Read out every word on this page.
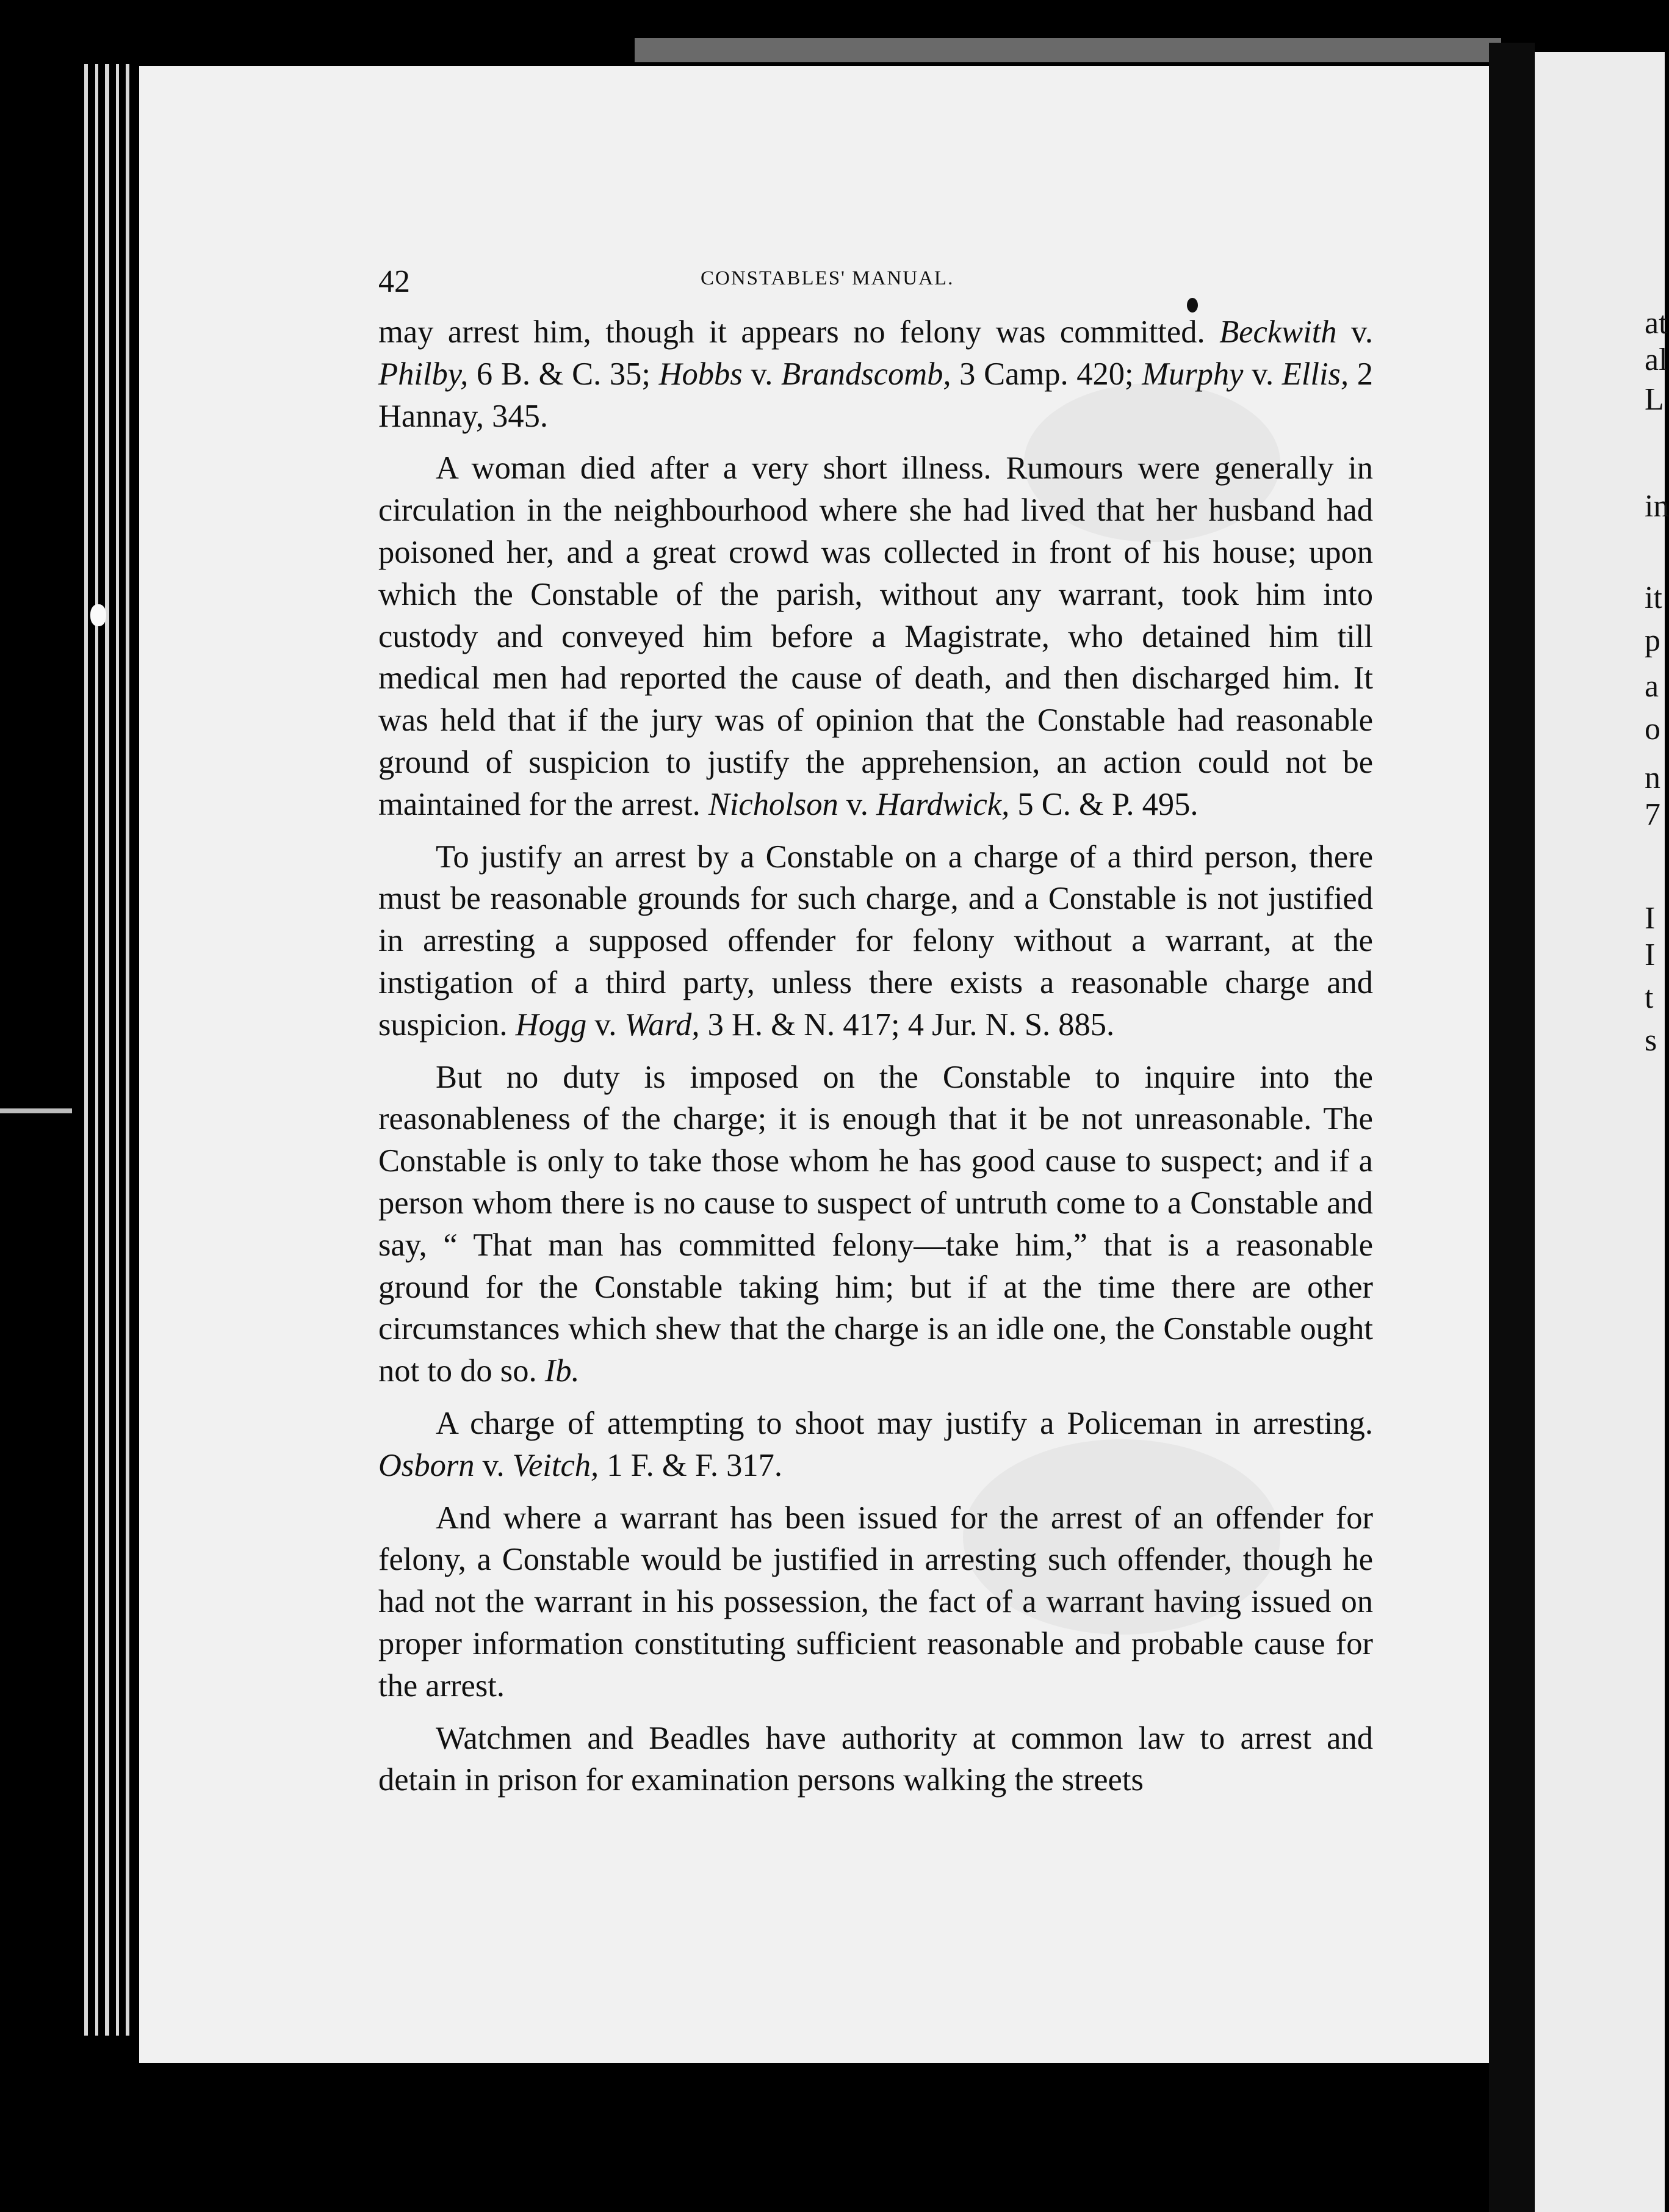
42	CONSTABLES' MANUAL.

may arrest him, though it appears no felony was committed. Beckwith v. Philby, 6 B. & C. 35; Hobbs v. Brandscomb, 3 Camp. 420; Murphy v. Ellis, 2 Hannay, 345.

A woman died after a very short illness. Rumours were generally in circulation in the neighbourhood where she had lived that her husband had poisoned her, and a great crowd was collected in front of his house; upon which the Constable of the parish, without any warrant, took him into custody and conveyed him before a Magistrate, who detained him till medical men had reported the cause of death, and then discharged him. It was held that if the jury was of opinion that the Constable had reasonable ground of suspicion to justify the apprehension, an action could not be maintained for the arrest. Nicholson v. Hardwick, 5 C. & P. 495.

To justify an arrest by a Constable on a charge of a third person, there must be reasonable grounds for such charge, and a Constable is not justified in arresting a supposed offender for felony without a warrant, at the instigation of a third party, unless there exists a reasonable charge and suspicion. Hogg v. Ward, 3 H. & N. 417; 4 Jur. N. S. 885.

But no duty is imposed on the Constable to inquire into the reasonableness of the charge; it is enough that it be not unreasonable. The Constable is only to take those whom he has good cause to suspect; and if a person whom there is no cause to suspect of untruth come to a Constable and say, “ That man has committed felony—take him,” that is a reasonable ground for the Constable taking him; but if at the time there are other circumstances which shew that the charge is an idle one, the Constable ought not to do so. Ib.

A charge of attempting to shoot may justify a Policeman in arresting. Osborn v. Veitch, 1 F. & F. 317.

And where a warrant has been issued for the arrest of an offender for felony, a Constable would be justified in arresting such offender, though he had not the warrant in his possession, the fact of a warrant having issued on proper information constituting sufficient reasonable and probable cause for the arrest.

Watchmen and Beadles have authority at common law to arrest and detain in prison for examination persons walking the streets

at
al
L
in
it
p
a
o
n
7
I
I
t
s
